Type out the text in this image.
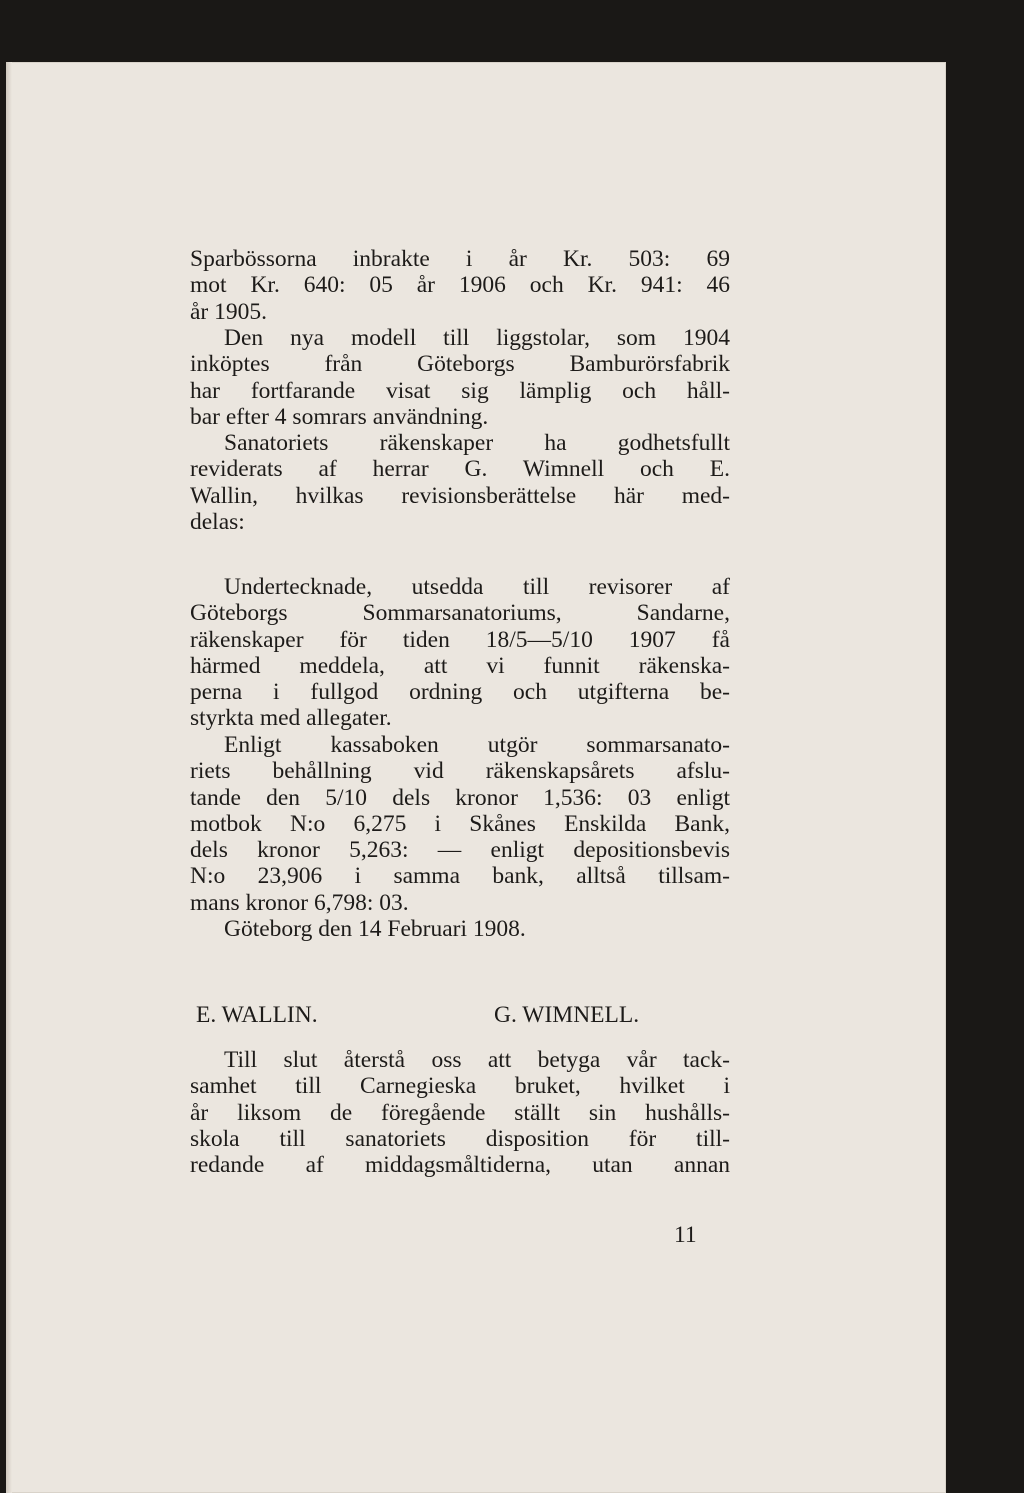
Sparbössorna inbrakte i år Kr. 503: 69
mot Kr. 640: 05 år 1906 och Kr. 941: 46
år 1905.
Den nya modell till liggstolar, som 1904
inköptes från Göteborgs Bamburörsfabrik
har fortfarande visat sig lämplig och håll-
bar efter 4 somrars användning.
Sanatoriets räkenskaper ha godhetsfullt
reviderats af herrar G. Wimnell och E.
Wallin, hvilkas revisionsberättelse här med-
delas:
Undertecknade, utsedda till revisorer af
Göteborgs Sommarsanatoriums, Sandarne,
räkenskaper för tiden 18/5—5/10 1907 få
härmed meddela, att vi funnit räkenska-
perna i fullgod ordning och utgifterna be-
styrkta med allegater.
Enligt kassaboken utgör sommarsanato-
riets behållning vid räkenskapsårets afslu-
tande den 5/10 dels kronor 1,536: 03 enligt
motbok N:o 6,275 i Skånes Enskilda Bank,
dels kronor 5,263: — enligt depositionsbevis
N:o 23,906 i samma bank, alltså tillsam-
mans kronor 6,798: 03.
Göteborg den 14 Februari 1908.
E. WALLIN.	G. WIMNELL.
Till slut återstå oss att betyga vår tack-
samhet till Carnegieska bruket, hvilket i
år liksom de föregående ställt sin hushålls-
skola till sanatoriets disposition för till-
redande af middagsmåltiderna, utan annan
11
